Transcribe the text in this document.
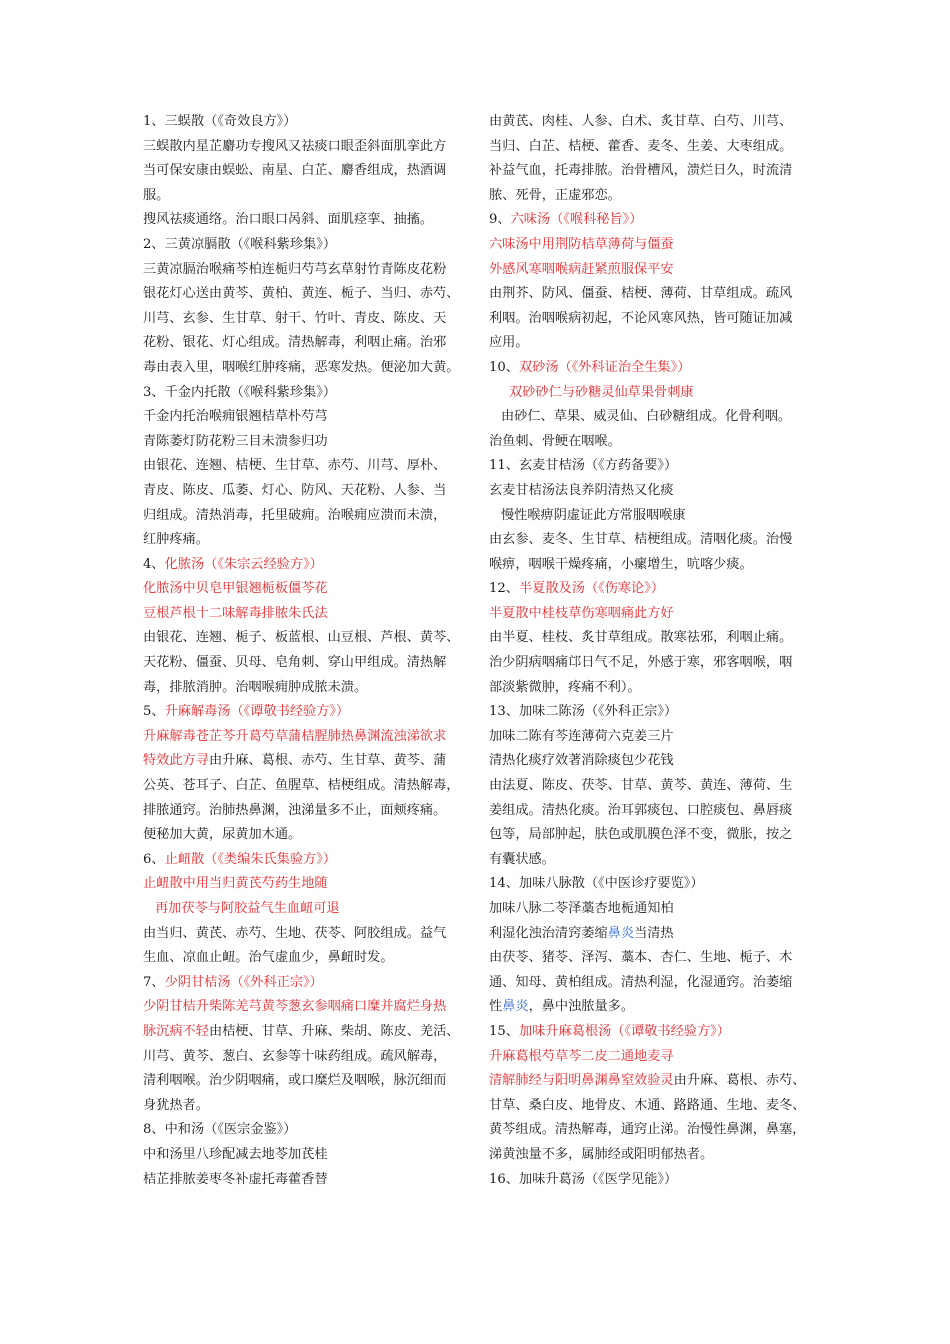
1、三蜈散（《奇效良方》）
三蜈散内星芷麝功专搜风又祛痰口眼歪斜面肌挛此方
当可保安康由蜈蚣、南星、白芷、麝香组成，热酒调
服。
搜风祛痰通络。治口眼口呙斜、面肌痉挛、抽搐。
2、三黄凉膈散（《喉科紫珍集》）
三黄凉膈治喉痛芩柏连栀归芍芎玄草射竹青陈皮花粉
银花灯心送由黄芩、黄柏、黄连、栀子、当归、赤芍、
川芎、玄参、生甘草、射干、竹叶、青皮、陈皮、天
花粉、银花、灯心组成。清热解毒，利咽止痛。治邪
毒由表入里，咽喉红肿疼痛，恶寒发热。便泌加大黄。
3、千金内托散（《喉科紫珍集》）
千金内托治喉痈银翘桔草朴芍芎
青陈萎灯防花粉三目未溃参归功
由银花、连翘、桔梗、生甘草、赤芍、川芎、厚朴、
青皮、陈皮、瓜萎、灯心、防风、天花粉、人参、当
归组成。清热消毒，托里破痈。治喉痈应溃而未溃，
红肿疼痛。
4、化脓汤（《朱宗云经验方》）
化脓汤中贝皂甲银翘栀板僵芩花
豆根芦根十二味解毒排脓朱氏法
由银花、连翘、栀子、板蓝根、山豆根、芦根、黄芩、
天花粉、僵蚕、贝母、皂角刺、穿山甲组成。清热解
毒，排脓消肿。治咽喉痈肿成脓未溃。
5、升麻解毒汤（《谭敬书经验方》）
升麻解毒苍芷芩升葛芍草蒲桔腥肺热鼻渊流浊涕欲求
特效此方寻由升麻、葛根、赤芍、生甘草、黄芩、蒲
公英、苍耳子、白芷、鱼腥草、桔梗组成。清热解毒，
排脓通窍。治肺热鼻渊，浊涕量多不止，面颊疼痛。
便秘加大黄，尿黄加木通。
6、止衄散（《类编朱氏集验方》）
止衄散中用当归黄芪芍药生地随
再加茯苓与阿胶益气生血衄可退
由当归、黄芪、赤芍、生地、茯苓、阿胶组成。益气
生血、凉血止衄。治气虚血少，鼻衄时发。
7、少阴甘桔汤（《外科正宗》）
少阴甘桔升柴陈羌芎黄芩葱玄参咽痛口糜并腐烂身热
脉沉病不轻由桔梗、甘草、升麻、柴胡、陈皮、羌活、
川芎、黄芩、葱白、玄参等十味药组成。疏风解毒，
清利咽喉。治少阴咽痛，或口糜烂及咽喉，脉沉细而
身犹热者。
8、中和汤（《医宗金鉴》）
中和汤里八珍配减去地苓加芪桂
桔芷排脓姜枣冬补虚托毒藿香替
由黄芪、肉桂、人参、白术、炙甘草、白芍、川芎、
当归、白芷、桔梗、藿香、麦冬、生姜、大枣组成。
补益气血，托毒排脓。治骨槽风，溃烂日久，时流清
脓、死骨，正虚邪恋。
9、六味汤（《喉科秘旨》）
六味汤中用荆防桔草薄荷与僵蚕
外感风寒咽喉病赶紧煎服保平安
由荆芥、防风、僵蚕、桔梗、薄荷、甘草组成。疏风
利咽。治咽喉病初起，不论风寒风热，皆可随证加减
应用。
10、双砂汤（《外科证治全生集》）
双砂砂仁与砂糖灵仙草果骨刺康
由砂仁、草果、威灵仙、白砂糖组成。化骨利咽。
治鱼刺、骨鲠在咽喉。
11、玄麦甘桔汤（《方药备要》）
玄麦甘桔汤法良养阴清热又化痰
慢性喉痹阴虚证此方常服咽喉康
由玄参、麦冬、生甘草、桔梗组成。清咽化痰。治慢
喉痹，咽喉干燥疼痛，小瘰增生，吭喀少痰。
12、半夏散及汤（《伤寒论》）
半夏散中桂枝草伤寒咽痛此方好
由半夏、桂枝、炙甘草组成。散寒祛邪，利咽止痛。
治少阴病咽痛邙日气不足，外感于寒，邪客咽喉，咽
部淡紫微肿，疼痛不利）。
13、加味二陈汤（《外科正宗》）
加味二陈有芩连薄荷六克姜三片
清热化痰疗效著消除痰包少花钱
由法夏、陈皮、茯苓、甘草、黄芩、黄连、薄荷、生
姜组成。清热化痰。治耳郭痰包、口腔痰包、鼻唇痰
包等，局部肿起，肤色或肌膜色泽不变，微胀，按之
有囊状感。
14、加味八脉散（《中医诊疗要览》）
加味八脉二苓泽藁杏地栀通知柏
利湿化浊治清窍萎缩鼻炎当清热
由茯苓、猪苓、泽泻、藁本、杏仁、生地、栀子、木
通、知母、黄柏组成。清热利湿，化湿通窍。治萎缩
性鼻炎，鼻中浊脓量多。
15、加味升麻葛根汤（《谭敬书经验方》）
升麻葛根芍草芩二皮二通地麦寻
清解肺经与阳明鼻渊鼻窒效验灵由升麻、葛根、赤芍、
甘草、桑白皮、地骨皮、木通、路路通、生地、麦冬、
黄芩组成。清热解毒，通窍止涕。治慢性鼻渊，鼻塞，
涕黄浊量不多，属肺经或阳明郁热者。
16、加味升葛汤（《医学见能》）
